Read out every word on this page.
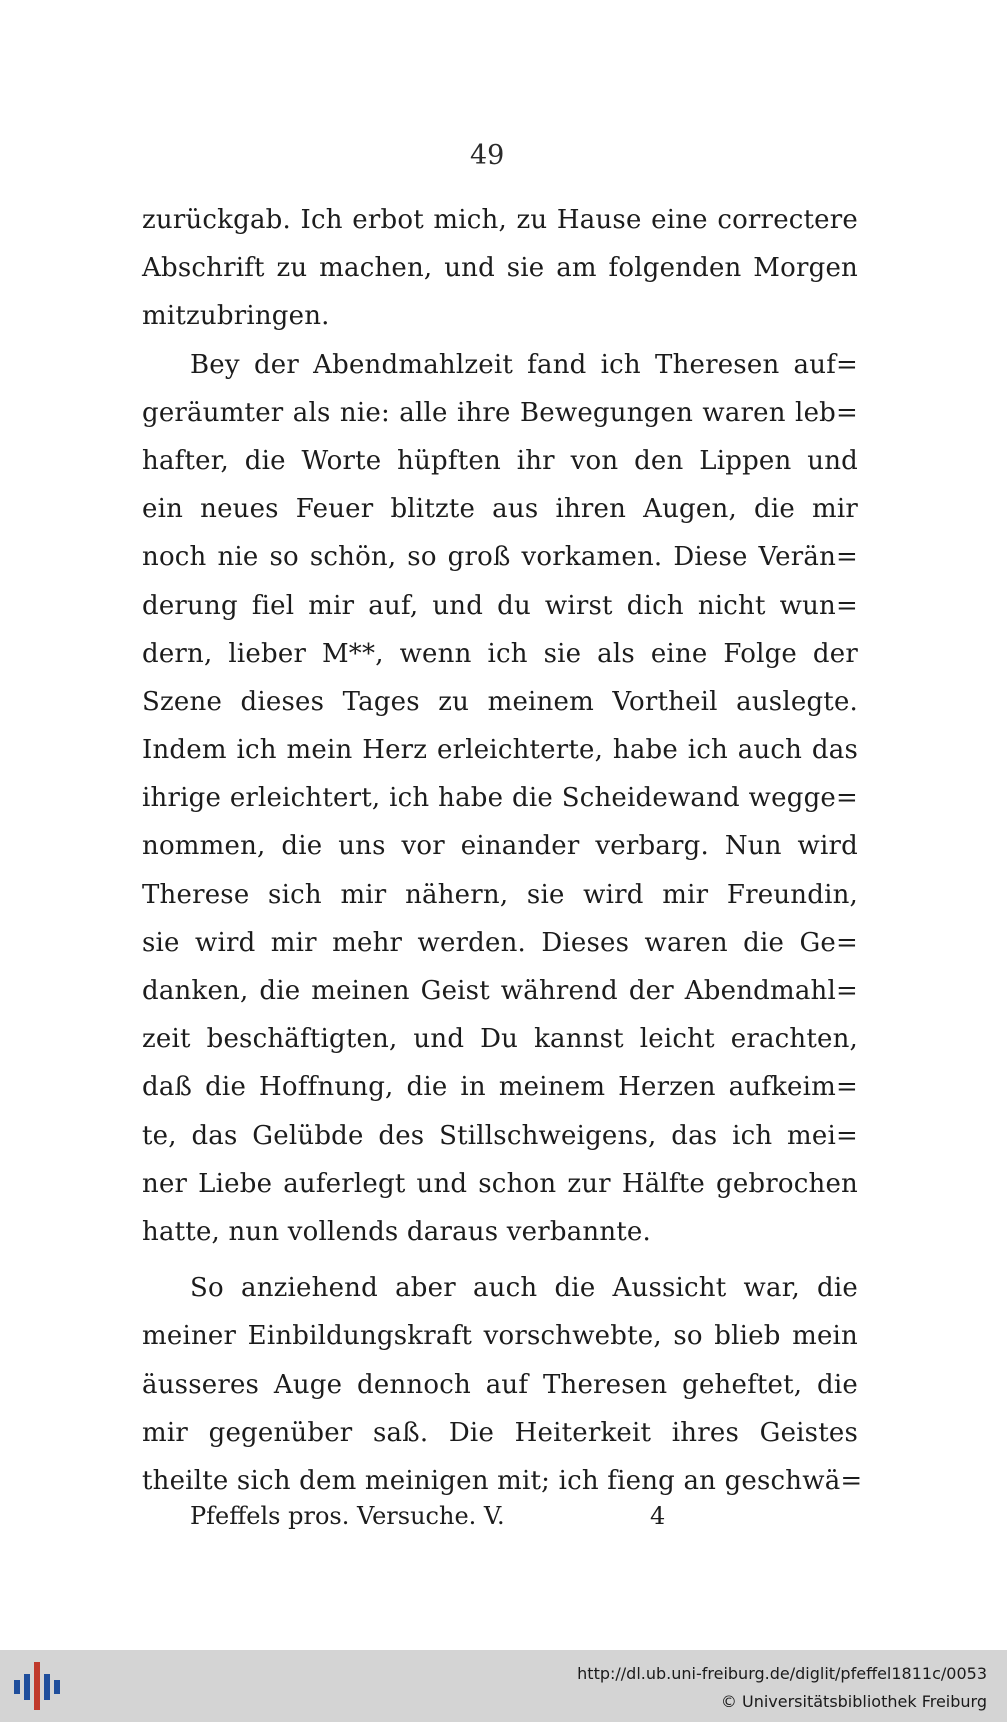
49
zurückgab. Ich erbot mich, zu Hause eine correctere
Abschrift zu machen, und sie am folgenden Morgen
mitzubringen.
Bey der Abendmahlzeit fand ich Theresen auf=
geräumter als nie: alle ihre Bewegungen waren leb=
hafter, die Worte hüpften ihr von den Lippen und
ein neues Feuer blitzte aus ihren Augen, die mir
noch nie so schön, so groß vorkamen. Diese Verän=
derung fiel mir auf, und du wirst dich nicht wun=
dern, lieber M**, wenn ich sie als eine Folge der
Szene dieses Tages zu meinem Vortheil auslegte.
Indem ich mein Herz erleichterte, habe ich auch das
ihrige erleichtert, ich habe die Scheidewand wegge=
nommen, die uns vor einander verbarg. Nun wird
Therese sich mir nähern, sie wird mir Freundin,
sie wird mir mehr werden. Dieses waren die Ge=
danken, die meinen Geist während der Abendmahl=
zeit beschäftigten, und Du kannst leicht erachten,
daß die Hoffnung, die in meinem Herzen aufkeim=
te, das Gelübde des Stillschweigens, das ich mei=
ner Liebe auferlegt und schon zur Hälfte gebrochen
hatte, nun vollends daraus verbannte.
So anziehend aber auch die Aussicht war, die
meiner Einbildungskraft vorschwebte, so blieb mein
äusseres Auge dennoch auf Theresen geheftet, die
mir gegenüber saß. Die Heiterkeit ihres Geistes
theilte sich dem meinigen mit; ich fieng an geschwä=
Pfeffels pros. Versuche. V.	4
http://dl.ub.uni-freiburg.de/diglit/pfeffel1811c/0053
© Universitätsbibliothek Freiburg
